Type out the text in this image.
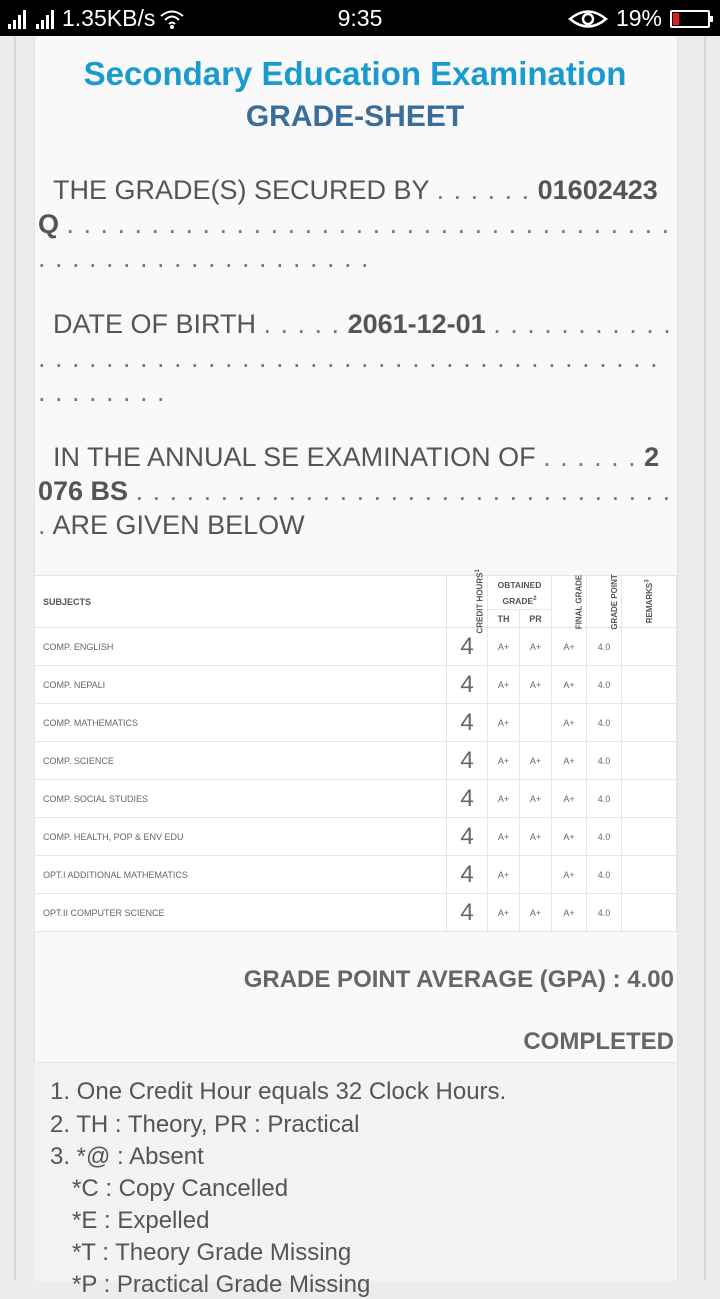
1.35KB/s	9:35	19%
Secondary Education Examination
GRADE-SHEET
THE GRADE(S) SECURED BY . . . . . . 01602423Q . . . . . . . . . . . . . . . . . . . . . . . . . . . . . . . . . . . . . . . . . . . . . . . . . . . . . . . .
DATE OF BIRTH . . . . . 2061-12-01 . . . . . . . . . . . . . . . . . . . . . . . . . . . . . . . . . . . . . . . . . . . . . . . . . . . . . . . .
IN THE ANNUAL SE EXAMINATION OF . . . . . . 2076 BS . . . . . . . . . . . . . . . . . . . . . . . . . . . . . . . . . ARE GIVEN BELOW
SUBJECTS	CREDIT HOURS$^1$	OBTAINED GRADE$^2$		FINAL GRADE	GRADE POINT	REMARKS$^3$
		TH	PR			
COMP. ENGLISH	4	A+	A+	A+	4.0	
COMP. NEPALI	4	A+	A+	A+	4.0	
COMP. MATHEMATICS	4	A+		A+	4.0	
COMP. SCIENCE	4	A+	A+	A+	4.0	
COMP. SOCIAL STUDIES	4	A+	A+	A+	4.0	
COMP. HEALTH, POP & ENV EDU	4	A+	A+	A+	4.0	
OPT.I ADDITIONAL MATHEMATICS	4	A+		A+	4.0	
OPT.II COMPUTER SCIENCE	4	A+	A+	A+	4.0	
GRADE POINT AVERAGE (GPA) : 4.00
COMPLETED
1. One Credit Hour equals 32 Clock Hours.
2. TH : Theory, PR : Practical
3. *@ : Absent
*C : Copy Cancelled
*E : Expelled
*T : Theory Grade Missing
*P : Practical Grade Missing
